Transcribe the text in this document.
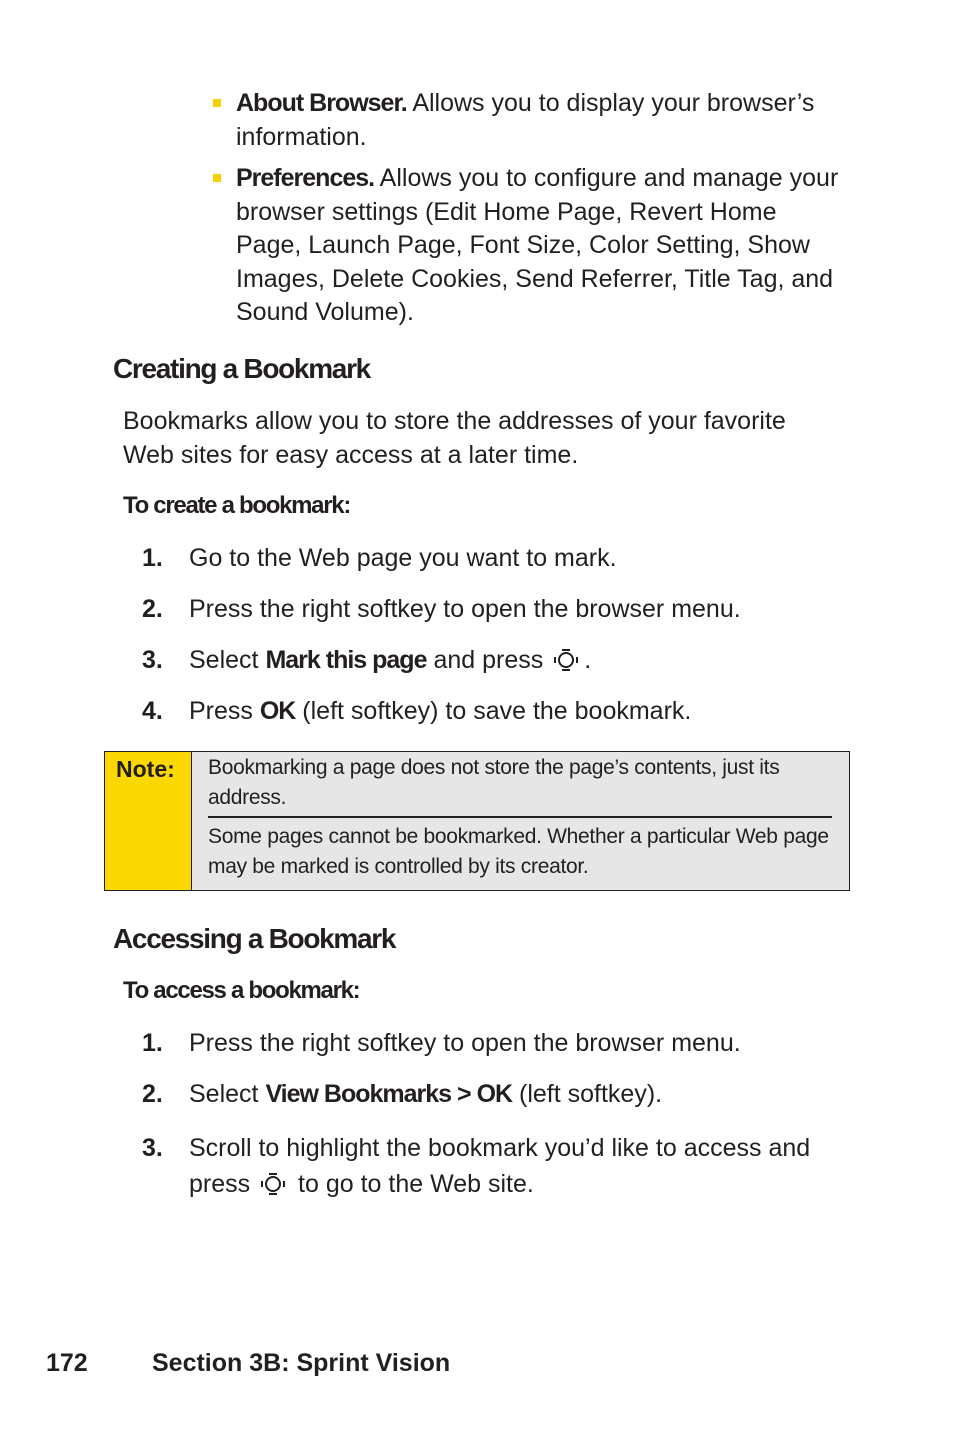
About Browser. Allows you to display your browser’s information.
Preferences. Allows you to configure and manage your browser settings (Edit Home Page, Revert Home Page, Launch Page, Font Size, Color Setting, Show Images, Delete Cookies, Send Referrer, Title Tag, and Sound Volume).
Creating a Bookmark
Bookmarks allow you to store the addresses of your favorite Web sites for easy access at a later time.
To create a bookmark:
1.	Go to the Web page you want to mark.
2.	Press the right softkey to open the browser menu.
3.	Select Mark this page and press
.
4.	Press OK (left softkey) to save the bookmark.
Note: Bookmarking a page does not store the page’s contents, just its address.
Some pages cannot be bookmarked. Whether a particular Web page may be marked is controlled by its creator.
Accessing a Bookmark
To access a bookmark:
1.	Press the right softkey to open the browser menu.
2.	Select View Bookmarks > OK (left softkey).
3.	Scroll to highlight the bookmark you’d like to access and press
to go to the Web site.
172	Section 3B: Sprint Vision
